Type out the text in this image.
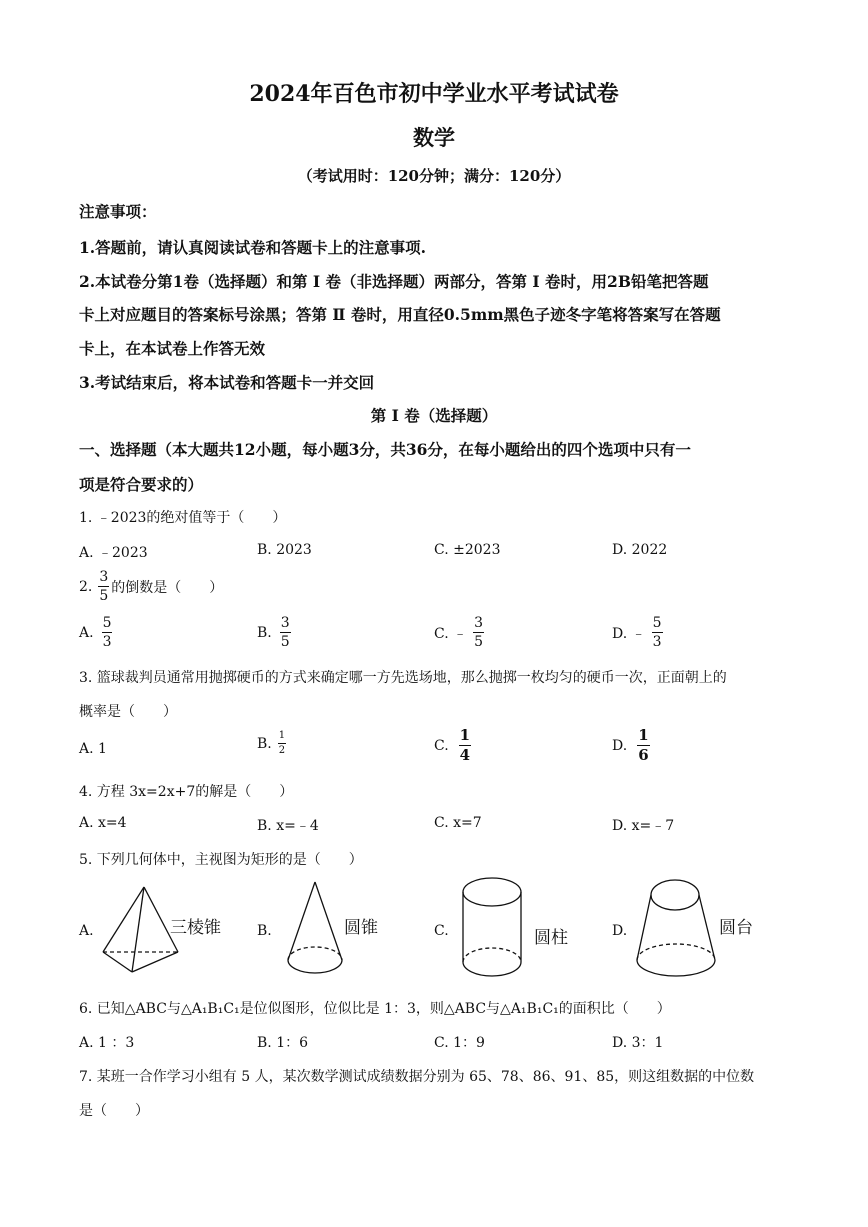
2024年百色市初中学业水平考试试卷
数学
（考试用时：120分钟；满分：120分）
注意事项：
1.答题前，请认真阅读试卷和答题卡上的注意事项.
2.本试卷分第1卷（选择题）和第 I 卷（非选择题）两部分，答第 I 卷时，用2B铅笔把答题
卡上对应题目的答案标号涂黑；答第 Ⅱ 卷时，用直径0.5mm黑色子迹冬字笔将答案写在答题
卡上，在本试卷上作答无效
3.考试结束后，将本试卷和答题卡一并交回
第 I 卷（选择题）
一、选择题（本大题共12小题，每小题3分，共36分，在每小题给出的四个选项中只有一
项是符合要求的）
1. ﹣2023的绝对值等于（　　）
A. ﹣2023	B. 2023	C. ±2023	D. 2022
2. $\frac{3}{5}$ 的倒数是（　　）
A. $\frac{5}{3}$	B. $\frac{3}{5}$	C. ﹣ $\frac{3}{5}$	D. ﹣ $\frac{5}{3}$
3. 篮球裁判员通常用抛掷硬币的方式来确定哪一方先选场地，那么抛掷一枚均匀的硬币一次，正面朝上的
概率是（　　）
A. 1	B. $\frac{1}{2}$	C. $\frac{1}{4}$	D. $\frac{1}{6}$
4. 方程 3x=2x+7的解是（　　）
A. x=4	B. x=﹣4	C. x=7	D. x=﹣7
5. 下列几何体中，主视图为矩形的是（　　）
A.	三棱锥	B.	圆锥	C.	圆柱	D.	圆台
6. 已知△ABC与△A₁B₁C₁是位似图形，位似比是 1：3，则△ABC与△A₁B₁C₁的面积比（　　）
A. 1 ：3	B. 1：6	C. 1：9	D. 3：1
7. 某班一合作学习小组有 5 人，某次数学测试成绩数据分别为 65、78、86、91、85，则这组数据的中位数
是（　　）
